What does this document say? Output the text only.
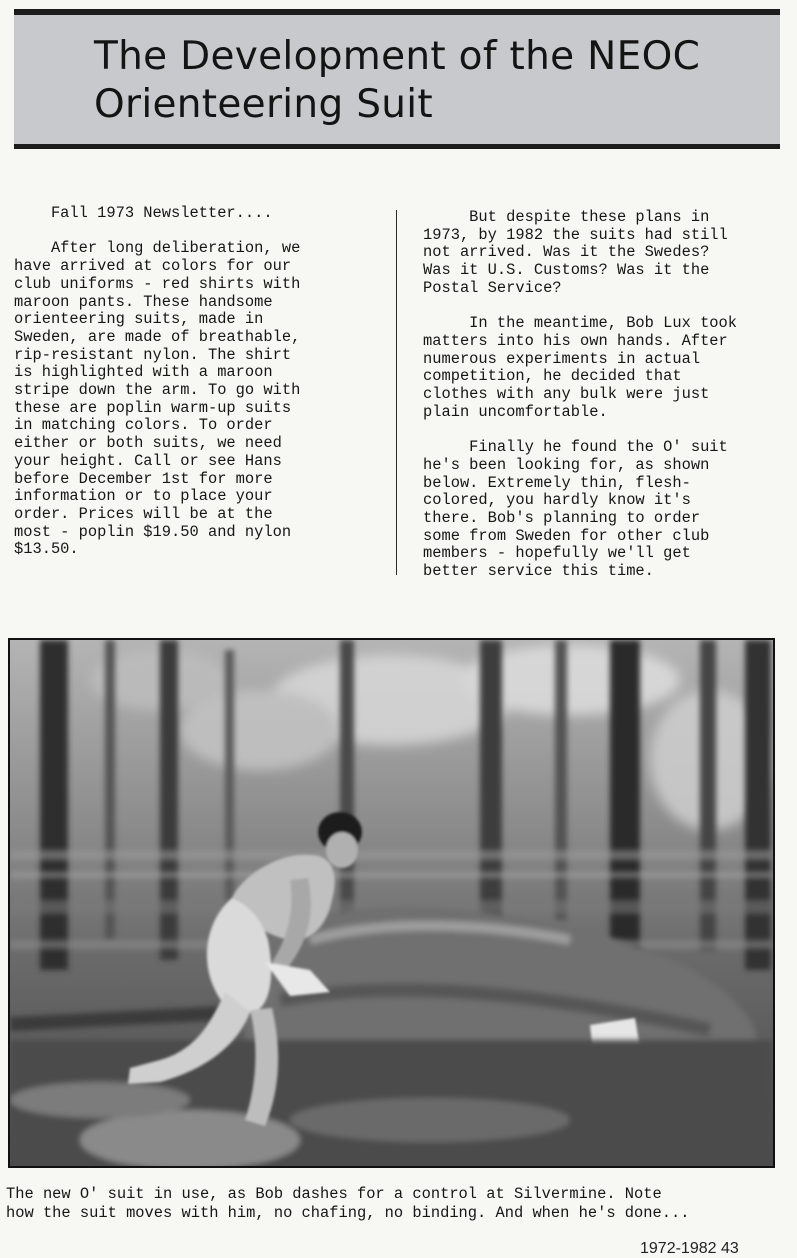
The Development of the NEOC
Orienteering Suit

Fall 1973 Newsletter....

After long deliberation, we

have arrived at colors for our

club uniforms - red shirts with

maroon pants. These handsome

orienteering suits, made in

Sweden, are made of breathable,

rip-resistant nylon. The shirt

is highlighted with a maroon

stripe down the arm. To go with

these are poplin warm-up suits

in matching colors. To order

either or both suits, we need

your height. Call or see Hans

before December 1st for more

information or to place your

order. Prices will be at the

most - poplin $19.50 and nylon

$13.50.

But despite these plans in

1973, by 1982 the suits had still

not arrived. Was it the Swedes?

Was it U.S. Customs? Was it the

Postal Service?

In the meantime, Bob Lux took

matters into his own hands. After

numerous experiments in actual

competition, he decided that

clothes with any bulk were just

plain uncomfortable.

Finally he found the O' suit

he's been looking for, as shown

below. Extremely thin, flesh-

colored, you hardly know it's

there. Bob's planning to order

some from Sweden for other club

members - hopefully we'll get

better service this time.

The new O' suit in use, as Bob dashes for a control at Silvermine. Note

how the suit moves with him, no chafing, no binding. And when he's done...

1972-1982 43
